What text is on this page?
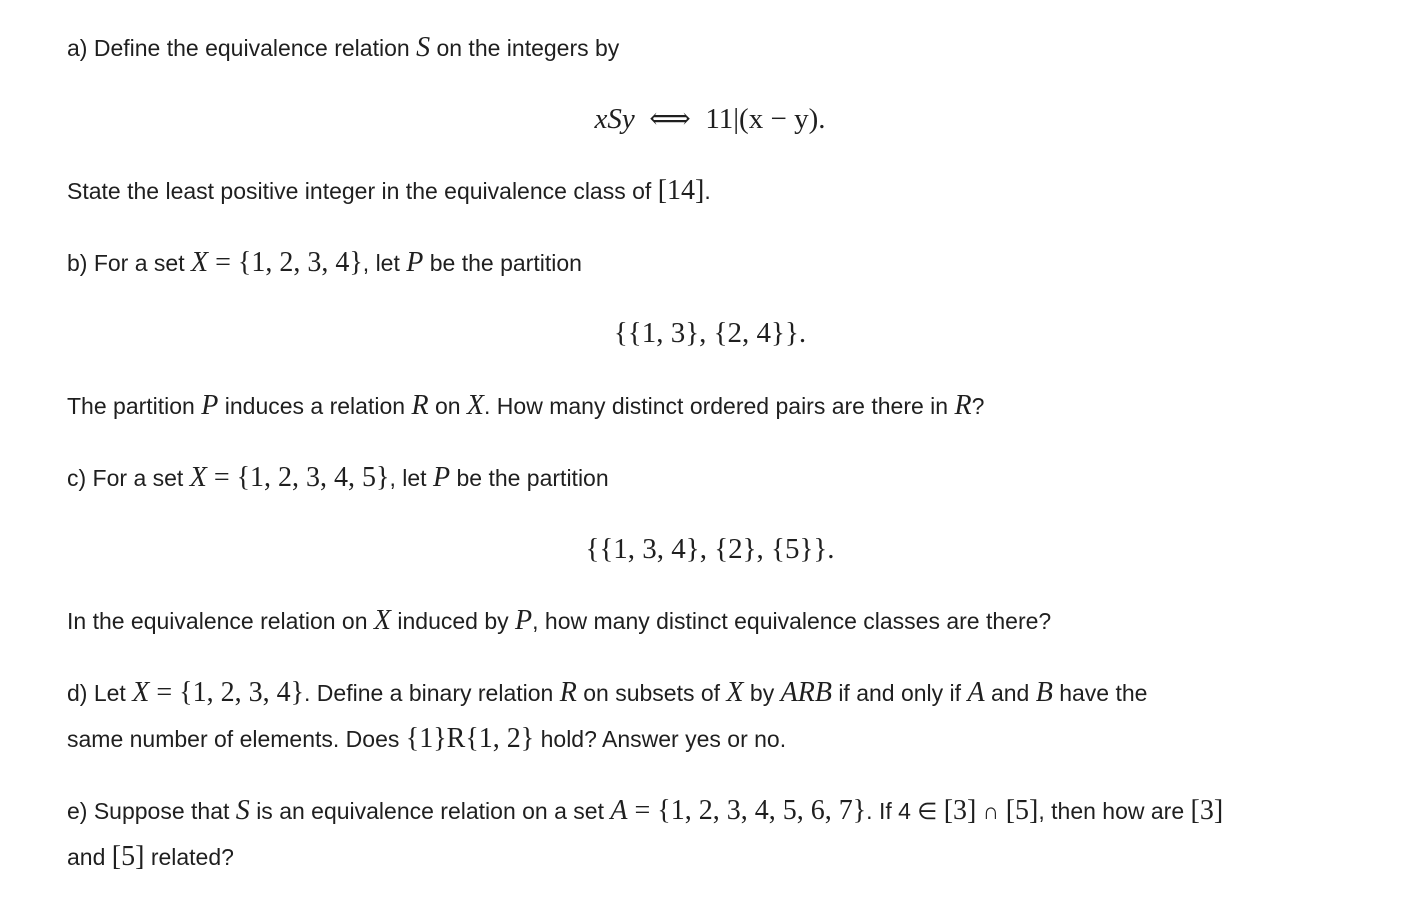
a) Define the equivalence relation S on the integers by
xSy ⟺ 11|(x − y).
State the least positive integer in the equivalence class of [14].
b) For a set X = {1, 2, 3, 4}, let P be the partition
{{1, 3}, {2, 4}}.
The partition P induces a relation R on X. How many distinct ordered pairs are there in R?
c) For a set X = {1, 2, 3, 4, 5}, let P be the partition
{{1, 3, 4}, {2}, {5}}.
In the equivalence relation on X induced by P, how many distinct equivalence classes are there?
d) Let X = {1, 2, 3, 4}. Define a binary relation R on subsets of X by ARB if and only if A and B have the
same number of elements. Does {1}R{1, 2} hold? Answer yes or no.
e) Suppose that S is an equivalence relation on a set A = {1, 2, 3, 4, 5, 6, 7}. If 4 ∈ [3] ∩ [5], then how are [3]
and [5] related?
